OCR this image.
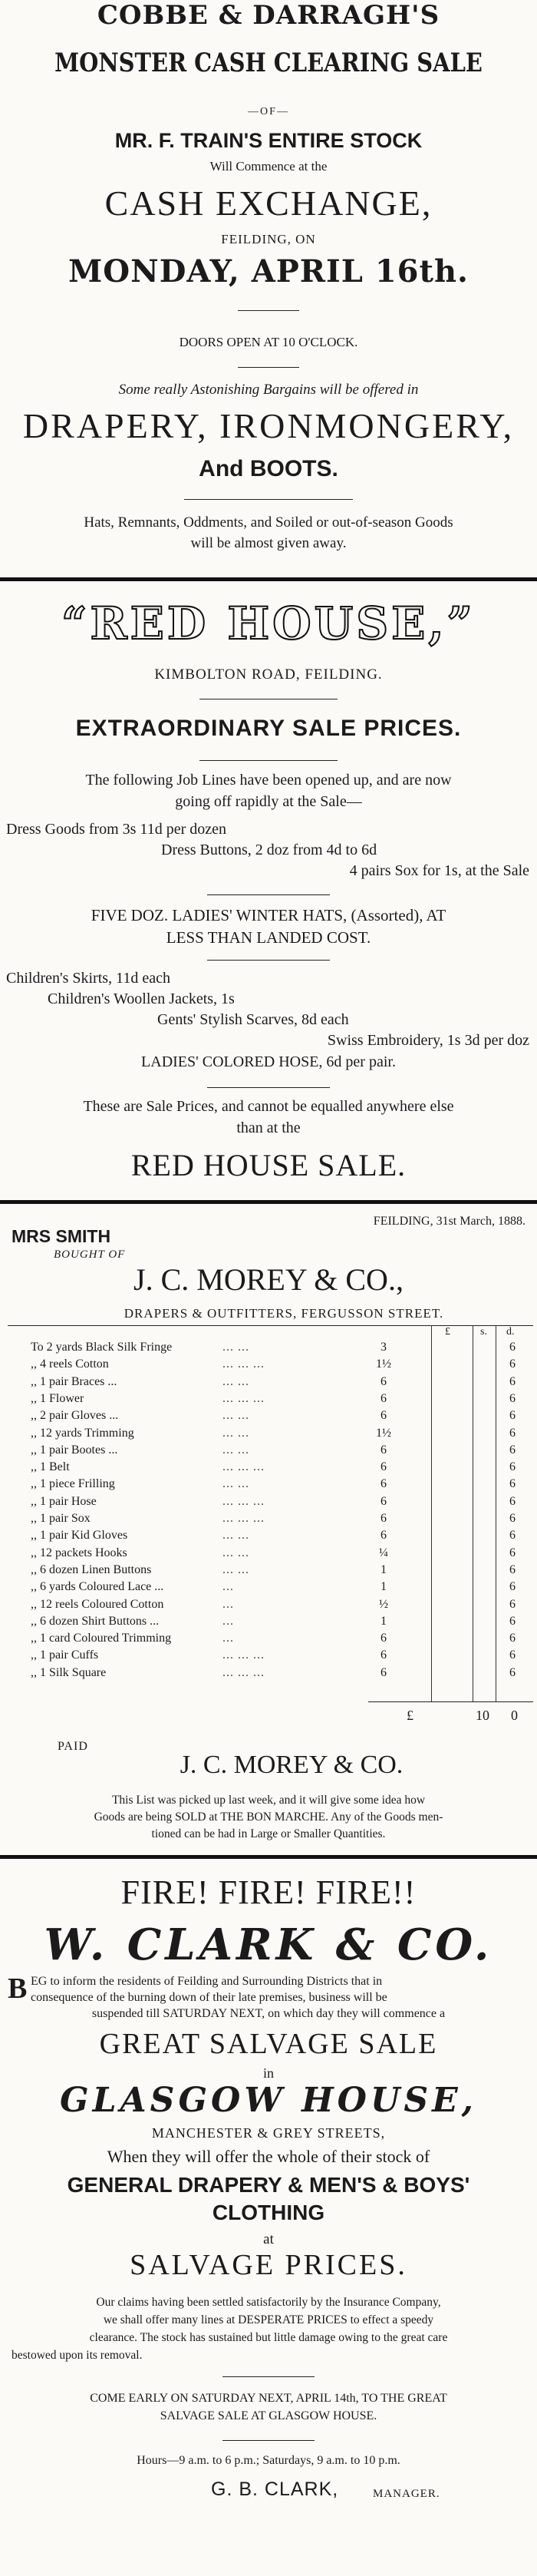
COBBE & DARRAGH'S
MONSTER CASH CLEARING SALE
—OF—
MR. F. TRAIN'S ENTIRE STOCK
Will Commence at the
CASH EXCHANGE,
FEILDING, ON
MONDAY, APRIL 16th.
DOORS OPEN AT 10 O'CLOCK.
Some really Astonishing Bargains will be offered in
DRAPERY, IRONMONGERY,
And BOOTS.
Hats, Remnants, Oddments, and Soiled or out-of-season Goods
will be almost given away.
“RED HOUSE,”
KIMBOLTON ROAD, FEILDING.
EXTRAORDINARY SALE PRICES.
The following Job Lines have been opened up, and are now
going off rapidly at the Sale—
Dress Goods from 3s 11d per dozen
Dress Buttons, 2 doz from 4d to 6d
4 pairs Sox for 1s, at the Sale
FIVE DOZ. LADIES' WINTER HATS, (Assorted), AT
LESS THAN LANDED COST.
Children's Skirts, 11d each
Children's Woollen Jackets, 1s
Gents' Stylish Scarves, 8d each
Swiss Embroidery, 1s 3d per doz
LADIES' COLORED HOSE, 6d per pair.
These are Sale Prices, and cannot be equalled anywhere else
than at the
RED HOUSE SALE.
FEILDING, 31st March, 1888.
MRS SMITH
BOUGHT OF
J. C. MOREY & CO.,
DRAPERS & OUTFITTERS, FERGUSSON STREET.
£	s. d.
To 2 yards Black Silk Fringe	... ...	3	6
,, 4 reels Cotton	... ... ...	1½	6
,, 1 pair Braces ...	... ...	6	6
,, 1 Flower	... ... ...	6	6
,, 2 pair Gloves ...	... ...	6	6
,, 12 yards Trimming	... ...	1½	6
,, 1 pair Bootes ...	... ...	6	6
,, 1 Belt	... ... ...	6	6
,, 1 piece Frilling	... ...	6	6
,, 1 pair Hose	... ... ...	6	6
,, 1 pair Sox	... ... ...	6	6
,, 1 pair Kid Gloves	... ...	6	6
,, 12 packets Hooks	... ...	¼	6
,, 6 dozen Linen Buttons	... ...	1	6
,, 6 yards Coloured Lace ...	...	1	6
,, 12 reels Coloured Cotton	...	½	6
,, 6 dozen Shirt Buttons ...	...	1	6
,, 1 card Coloured Trimming	...	6	6
,, 1 pair Cuffs	... ... ...	6	6
,, 1 Silk Square	... ... ...	6	6
£	10 0
PAID
J. C. MOREY & CO.
This List was picked up last week, and it will give some idea how
Goods are being SOLD at THE BON MARCHE. Any of the Goods men-
tioned can be had in Large or Smaller Quantities.
FIRE! FIRE! FIRE!!
W. CLARK & CO.
B EG to inform the residents of Feilding and Surrounding Districts that in
consequence of the burning down of their late premises, business will be
suspended till SATURDAY NEXT, on which day they will commence a
GREAT SALVAGE SALE
in
GLASGOW HOUSE,
MANCHESTER & GREY STREETS,
When they will offer the whole of their stock of
GENERAL DRAPERY & MEN'S & BOYS'
CLOTHING
at
SALVAGE PRICES.
Our claims having been settled satisfactorily by the Insurance Company,
we shall offer many lines at DESPERATE PRICES to effect a speedy
clearance. The stock has sustained but little damage owing to the great care
bestowed upon its removal.
COME EARLY ON SATURDAY NEXT, APRIL 14th, TO THE GREAT
SALVAGE SALE AT GLASGOW HOUSE.
Hours—9 a.m. to 6 p.m.; Saturdays, 9 a.m. to 10 p.m.
G. B. CLARK,	MANAGER.
